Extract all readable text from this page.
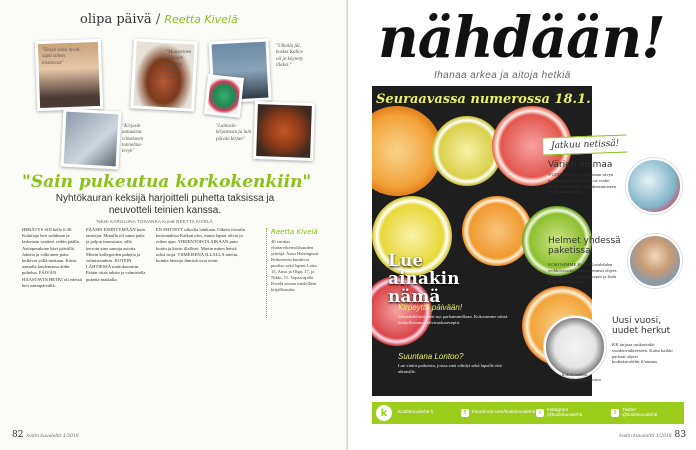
olipa päivä / Reetta Kivelä
"Ensyn solui hyvin, sopii siihen loistavast"
"Mausteinen saimaan reseptin kerran suloin."
"Ulkolla jäi, kosket Kalice oil jo käytetty illaksi."
"Kirjasin uutuuksia viimeiseen tunnelma-levyk"
"Lainasin kirjastosta ja luin päivän kirjan"
"Sain pukeutua korkokenkiin"
Nyhtökauran keksijä harjoitteli puhetta taksissa ja neuvotteli teinien kanssa.
Teksti KAROLIINA TOIVANKA Kuvat REETTA KIVELÄ

HERÄTYS SOI kello 6.30. Kuluttaja heti suihkuun ja lasketaan vaatteet vedän päälle. Astiapesukone kävi päivällä. Jaketta ja valkoinen paita kulkivat yöllä mukaan. Kävin aamulla kuulemassa äidin puhelua. PÄIVÄN HAASTAVIN HETKI oli edessä heti aamupäivällä.

PÄÄSIN ESIINTYMÄÄN kuin tanssijat. Minulla oli sama puhe ja paljon innostusta, sillä kerroin aina samoja asioita. Mietin kollegoiden puheita ja valmistauduin. KOTEIN LÄHTIESSÄ maitokuormin. Päätin ottaa taksin ja valmistella puhetta matkalla.

EN EHTINYT ulkoilla lainkaan. Oikein vierailu kertomuksia Kaikan ulos, mutta lapset olivat jo reilun ajan. YHDENTOISTA AIKAAN puin kotiin ja kävin illalliset. Mietin miten heistä tulisi isoja. VIIMEISENÄ ILLALLA mietin, kuinka hienoja ihmisiä ovat teinit.

Reetta Kivelä
40 vuotias elintarviketeollisuuden yrittäjä. Asuu Helsingissä. Perheeseen kuuluvat puoliso sekä lapset Lotta, 15, Ansu ja Olga, 17, ja Niklo, 11. Vapaa-ajalla Kivelä seuraa mielellään kirjallisuutta.
82 kodin kuvalehti 1/2018
nähdään!
Ihanaa arkea ja aitoja hetkiä
Seuraavassa numerossa 18.1.
Lue ainakin nämä
Kirpeyttä päivään!
Sitrushedelmät ovat nyt parhaimmillaan. Kokosimme niistä herkullisimmat talviruokareseptit.
Suuntana Lontoo?
Lue vinkit paikoista, joissa sinä viihdyt sekä lapsille että aikuisille.
Jatkuu netissä!
Värien voimaa
VUODEN 2017 vaaleimman sävyn muodiksi tuli Nelliina. Lue vinkit kodin sisustukseen ja pukeutumiseen värejä rakastaville.
Helmet yhdessä paketissa
KOKOSIMME Kodin Kuvalehden verkkosivuilta kaikki aiemmat ohjeet. Vuoden 2017 parhaat reseptit ja lisää kodinkuvalehti.fi/eit.
Uusi vuosi, uudet herkut
KK tarjoaa ruokavinkit vuodenvaihteeseen. Katso kaikki parhaat ohjeet kodinkuvalehti.fi/uutuus.
Kokeile kaikkia huippuherkkuja kuvassa.
k	Kodinkuvalehti.fi	f	Facebook.com/kodinkuvalehti i	Instagram @kodinkuvalehti	t	Twitter @kodinkuvalehti
kodin kuvalehti 1/2018 83
